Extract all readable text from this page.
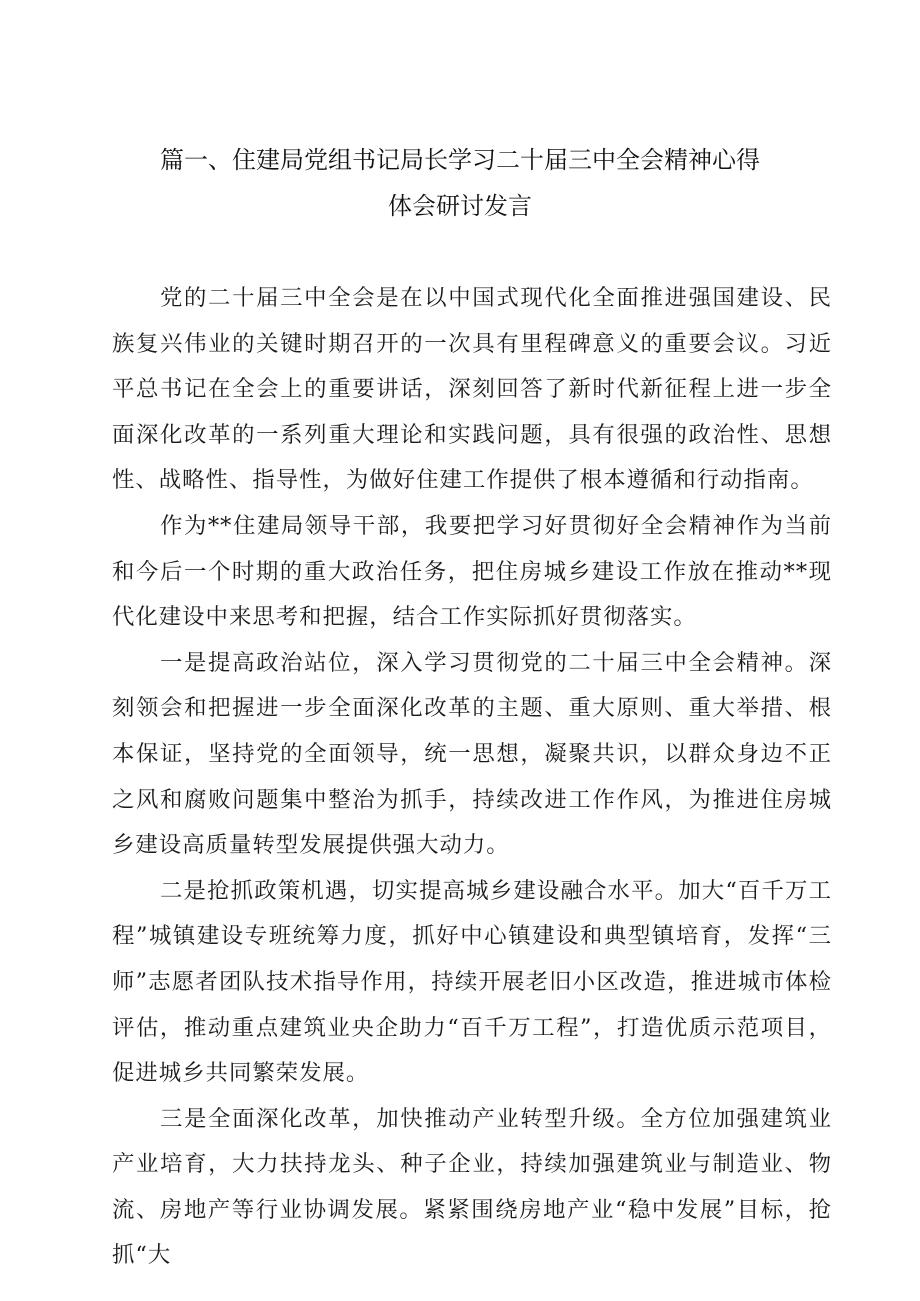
篇一、住建局党组书记局长学习二十届三中全会精神心得
体会研讨发言

党的二十届三中全会是在以中国式现代化全面推进强国建设、民族复兴伟业的关键时期召开的一次具有里程碑意义的重要会议。习近平总书记在全会上的重要讲话，深刻回答了新时代新征程上进一步全面深化改革的一系列重大理论和实践问题，具有很强的政治性、思想性、战略性、指导性，为做好住建工作提供了根本遵循和行动指南。

作为**住建局领导干部，我要把学习好贯彻好全会精神作为当前和今后一个时期的重大政治任务，把住房城乡建设工作放在推动**现代化建设中来思考和把握，结合工作实际抓好贯彻落实。

一是提高政治站位，深入学习贯彻党的二十届三中全会精神。深刻领会和把握进一步全面深化改革的主题、重大原则、重大举措、根本保证，坚持党的全面领导，统一思想，凝聚共识，以群众身边不正之风和腐败问题集中整治为抓手，持续改进工作作风，为推进住房城乡建设高质量转型发展提供强大动力。

二是抢抓政策机遇，切实提高城乡建设融合水平。加大“百千万工程”城镇建设专班统筹力度，抓好中心镇建设和典型镇培育，发挥“三师”志愿者团队技术指导作用，持续开展老旧小区改造，推进城市体检评估，推动重点建筑业央企助力“百千万工程”，打造优质示范项目，促进城乡共同繁荣发展。

三是全面深化改革，加快推动产业转型升级。全方位加强建筑业产业培育，大力扶持龙头、种子企业，持续加强建筑业与制造业、物流、房地产等行业协调发展。紧紧围绕房地产业“稳中发展”目标，抢抓“大
